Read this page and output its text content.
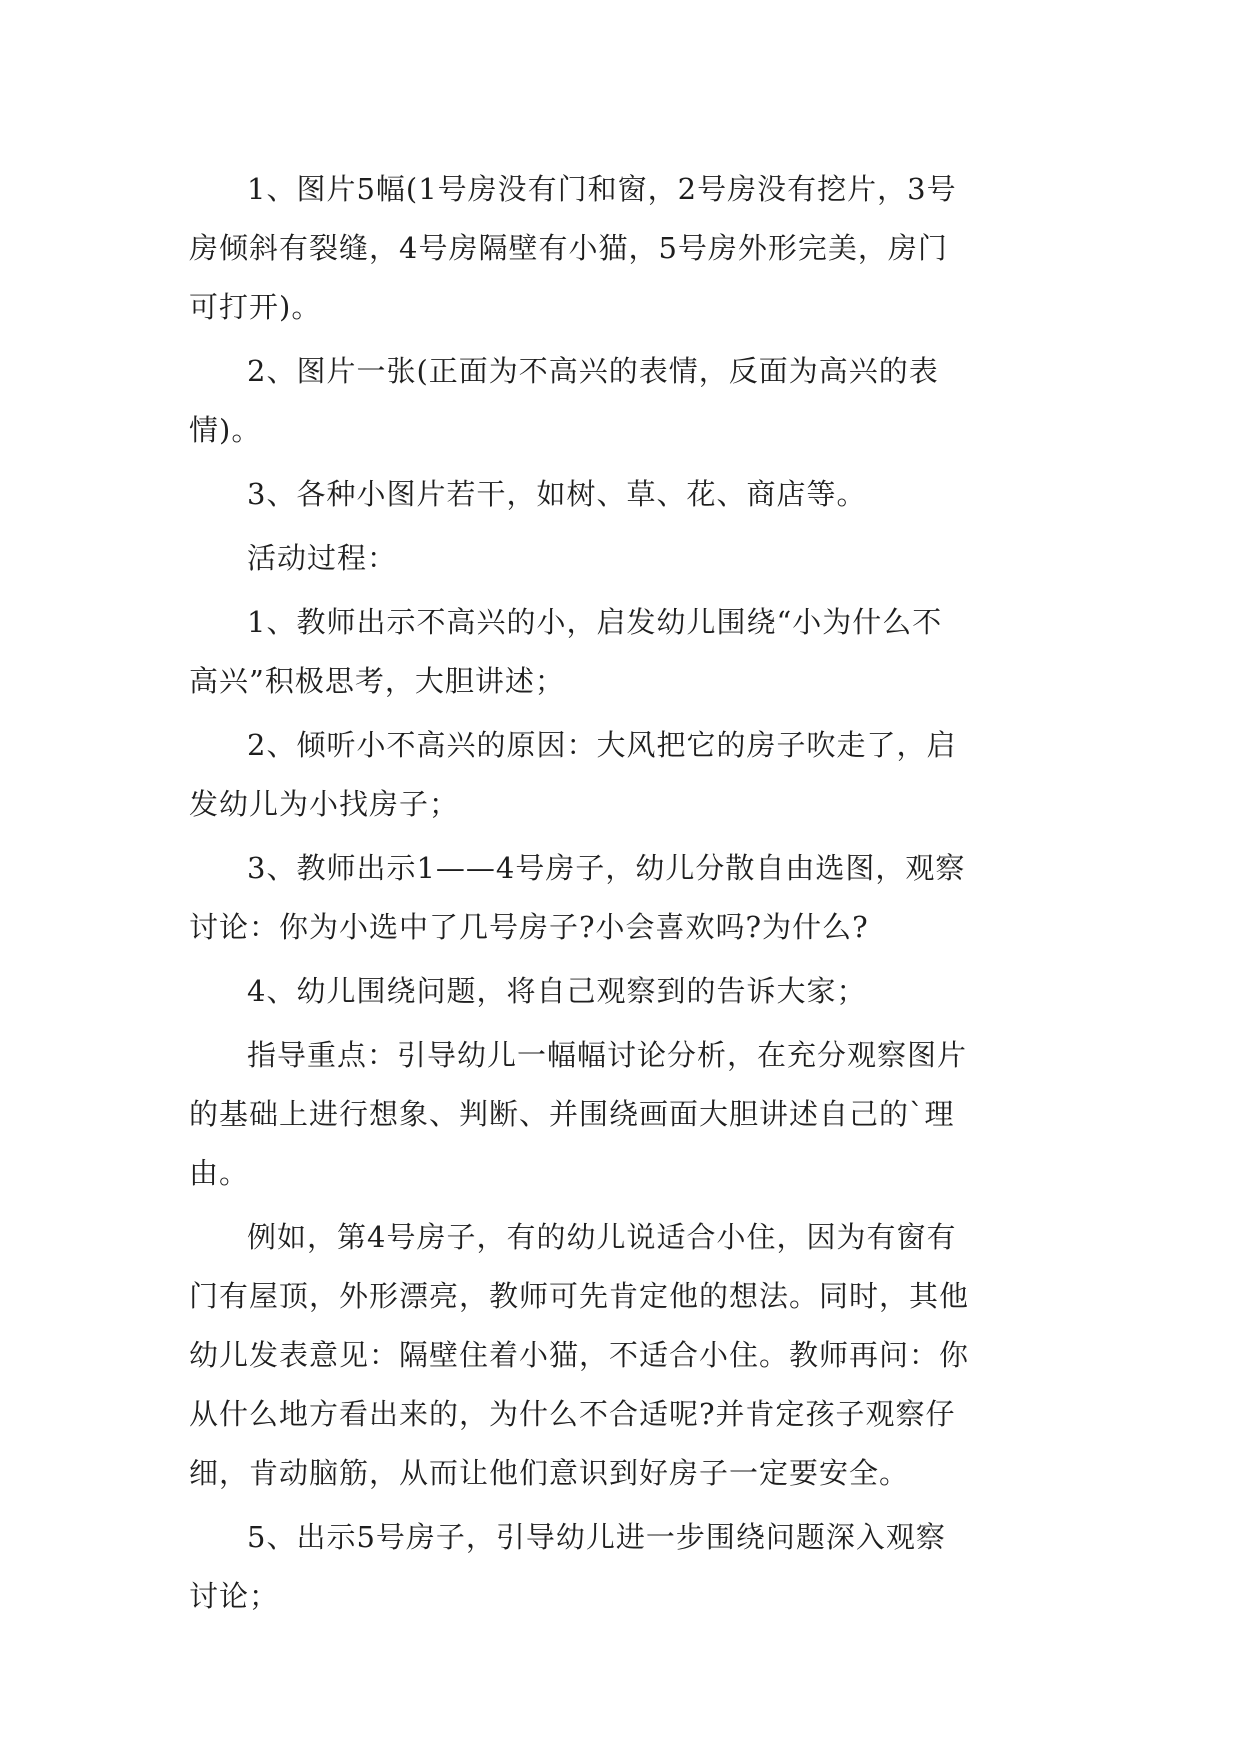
1、图片5幅(1号房没有门和窗，2号房没有挖片，3号
房倾斜有裂缝，4号房隔壁有小猫，5号房外形完美，房门
可打开)。

2、图片一张(正面为不高兴的表情，反面为高兴的表
情)。

3、各种小图片若干，如树、草、花、商店等。

活动过程：

1、教师出示不高兴的小，启发幼儿围绕“小为什么不
高兴”积极思考，大胆讲述；

2、倾听小不高兴的原因：大风把它的房子吹走了，启
发幼儿为小找房子；

3、教师出示1——4号房子，幼儿分散自由选图，观察
讨论：你为小选中了几号房子?小会喜欢吗?为什么?

4、幼儿围绕问题，将自己观察到的告诉大家；

指导重点：引导幼儿一幅幅讨论分析，在充分观察图片
的基础上进行想象、判断、并围绕画面大胆讲述自己的`理
由。

例如，第4号房子，有的幼儿说适合小住，因为有窗有
门有屋顶，外形漂亮，教师可先肯定他的想法。同时，其他
幼儿发表意见：隔壁住着小猫，不适合小住。教师再问：你
从什么地方看出来的，为什么不合适呢?并肯定孩子观察仔
细，肯动脑筋，从而让他们意识到好房子一定要安全。

5、出示5号房子，引导幼儿进一步围绕问题深入观察
讨论；
